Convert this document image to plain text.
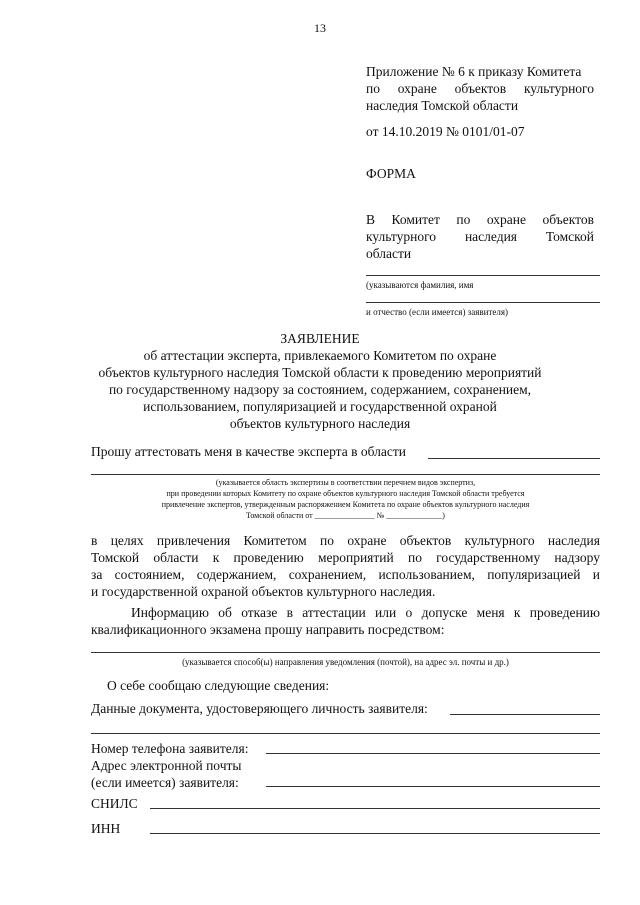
13
Приложение № 6 к приказу Комитета
по охране объектов культурного
наследия Томской области
от 14.10.2019 № 0101/01-07
ФОРМА
В Комитет по охране объектов
культурного наследия Томской
области
(указываются фамилия, имя
и отчество (если имеется) заявителя)
ЗАЯВЛЕНИЕ
об аттестации эксперта, привлекаемого Комитетом по охране
объектов культурного наследия Томской области к проведению мероприятий
по государственному надзору за состоянием, содержанием, сохранением,
использованием, популяризацией и государственной охраной
объектов культурного наследия
Прошу аттестовать меня в качестве эксперта в области
(указывается область экспертизы в соответствии перечнем видов экспертиз,
при проведении которых Комитету по охране объектов культурного наследия Томской области требуется
привлечение экспертов, утвержденным распоряжением Комитета по охране объектов культурного наследия
Томской области от _______________ № ______________)
в целях привлечения Комитетом по охране объектов культурного наследия
Томской области к проведению мероприятий по государственному надзору
за состоянием, содержанием, сохранением, использованием, популяризацией и
и государственной охраной объектов культурного наследия.
Информацию об отказе в аттестации или о допуске меня к проведению
квалификационного экзамена прошу направить посредством:
(указывается способ(ы) направления уведомления (почтой), на адрес эл. почты и др.)
О себе сообщаю следующие сведения:
Данные документа, удостоверяющего личность заявителя:
Номер телефона заявителя:
Адрес электронной почты
(если имеется) заявителя:
СНИЛС
ИНН
